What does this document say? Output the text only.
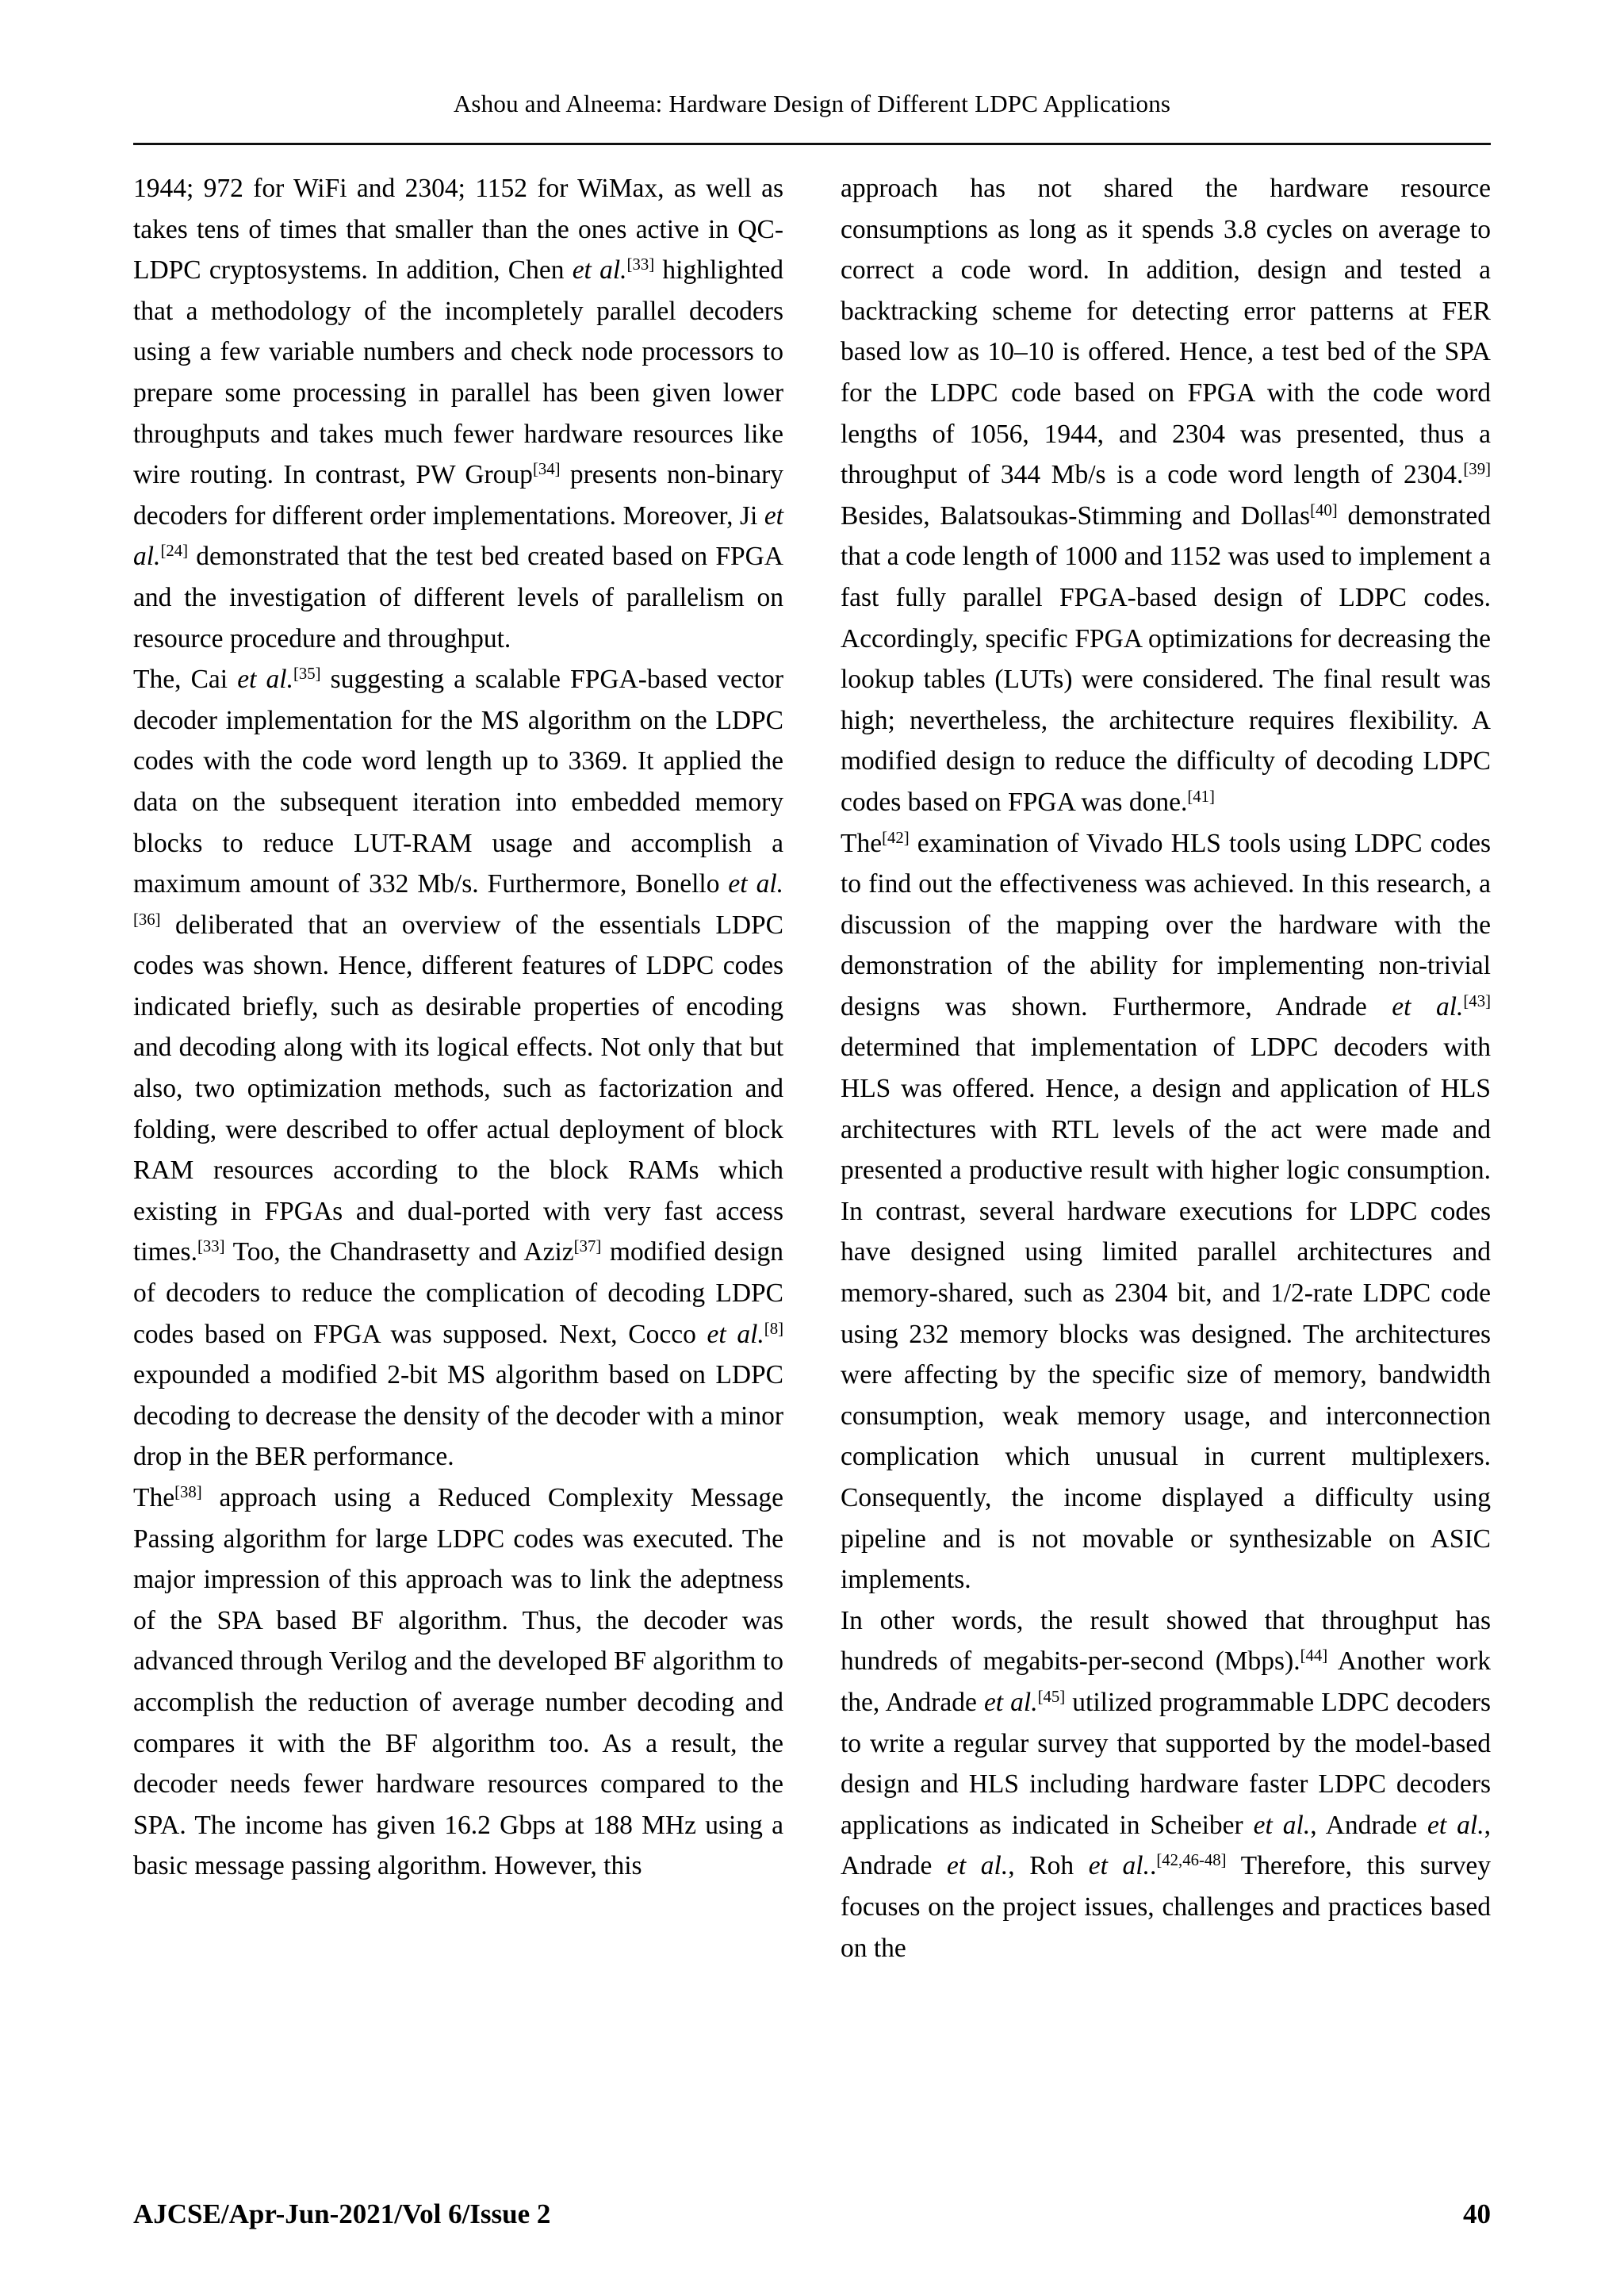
Ashou and Alneema: Hardware Design of Different LDPC Applications

1944; 972 for WiFi and 2304; 1152 for WiMax, as well as takes tens of times that smaller than the ones active in QC-LDPC cryptosystems. In addition, Chen et al.[33] highlighted that a methodology of the incompletely parallel decoders using a few variable numbers and check node processors to prepare some processing in parallel has been given lower throughputs and takes much fewer hardware resources like wire routing. In contrast, PW Group[34] presents non-binary decoders for different order implementations. Moreover, Ji et al.[24] demonstrated that the test bed created based on FPGA and the investigation of different levels of parallelism on resource procedure and throughput.

The, Cai et al.[35] suggesting a scalable FPGA-based vector decoder implementation for the MS algorithm on the LDPC codes with the code word length up to 3369. It applied the data on the subsequent iteration into embedded memory blocks to reduce LUT-RAM usage and accomplish a maximum amount of 332 Mb/s. Furthermore, Bonello et al.[36] deliberated that an overview of the essentials LDPC codes was shown. Hence, different features of LDPC codes indicated briefly, such as desirable properties of encoding and decoding along with its logical effects. Not only that but also, two optimization methods, such as factorization and folding, were described to offer actual deployment of block RAM resources according to the block RAMs which existing in FPGAs and dual-ported with very fast access times.[33] Too, the Chandrasetty and Aziz[37] modified design of decoders to reduce the complication of decoding LDPC codes based on FPGA was supposed. Next, Cocco et al.[8] expounded a modified 2-bit MS algorithm based on LDPC decoding to decrease the density of the decoder with a minor drop in the BER performance.

The[38] approach using a Reduced Complexity Message Passing algorithm for large LDPC codes was executed. The major impression of this approach was to link the adeptness of the SPA based BF algorithm. Thus, the decoder was advanced through Verilog and the developed BF algorithm to accomplish the reduction of average number decoding and compares it with the BF algorithm too. As a result, the decoder needs fewer hardware resources compared to the SPA. The income has given 16.2 Gbps at 188 MHz using a basic message passing algorithm. However, this

approach has not shared the hardware resource consumptions as long as it spends 3.8 cycles on average to correct a code word. In addition, design and tested a backtracking scheme for detecting error patterns at FER based low as 10–10 is offered. Hence, a test bed of the SPA for the LDPC code based on FPGA with the code word lengths of 1056, 1944, and 2304 was presented, thus a throughput of 344 Mb/s is a code word length of 2304.[39] Besides, Balatsoukas-Stimming and Dollas[40] demonstrated that a code length of 1000 and 1152 was used to implement a fast fully parallel FPGA-based design of LDPC codes. Accordingly, specific FPGA optimizations for decreasing the lookup tables (LUTs) were considered. The final result was high; nevertheless, the architecture requires flexibility. A modified design to reduce the difficulty of decoding LDPC codes based on FPGA was done.[41]

The[42] examination of Vivado HLS tools using LDPC codes to find out the effectiveness was achieved. In this research, a discussion of the mapping over the hardware with the demonstration of the ability for implementing non-trivial designs was shown. Furthermore, Andrade et al.[43] determined that implementation of LDPC decoders with HLS was offered. Hence, a design and application of HLS architectures with RTL levels of the act were made and presented a productive result with higher logic consumption. In contrast, several hardware executions for LDPC codes have designed using limited parallel architectures and memory-shared, such as 2304 bit, and 1/2-rate LDPC code using 232 memory blocks was designed. The architectures were affecting by the specific size of memory, bandwidth consumption, weak memory usage, and interconnection complication which unusual in current multiplexers. Consequently, the income displayed a difficulty using pipeline and is not movable or synthesizable on ASIC implements.

In other words, the result showed that throughput has hundreds of megabits-per-second (Mbps).[44] Another work the, Andrade et al.[45] utilized programmable LDPC decoders to write a regular survey that supported by the model-based design and HLS including hardware faster LDPC decoders applications as indicated in Scheiber et al., Andrade et al., Andrade et al., Roh et al..[42,46-48] Therefore, this survey focuses on the project issues, challenges and practices based on the

AJCSE/Apr-Jun-2021/Vol 6/Issue 2	40
